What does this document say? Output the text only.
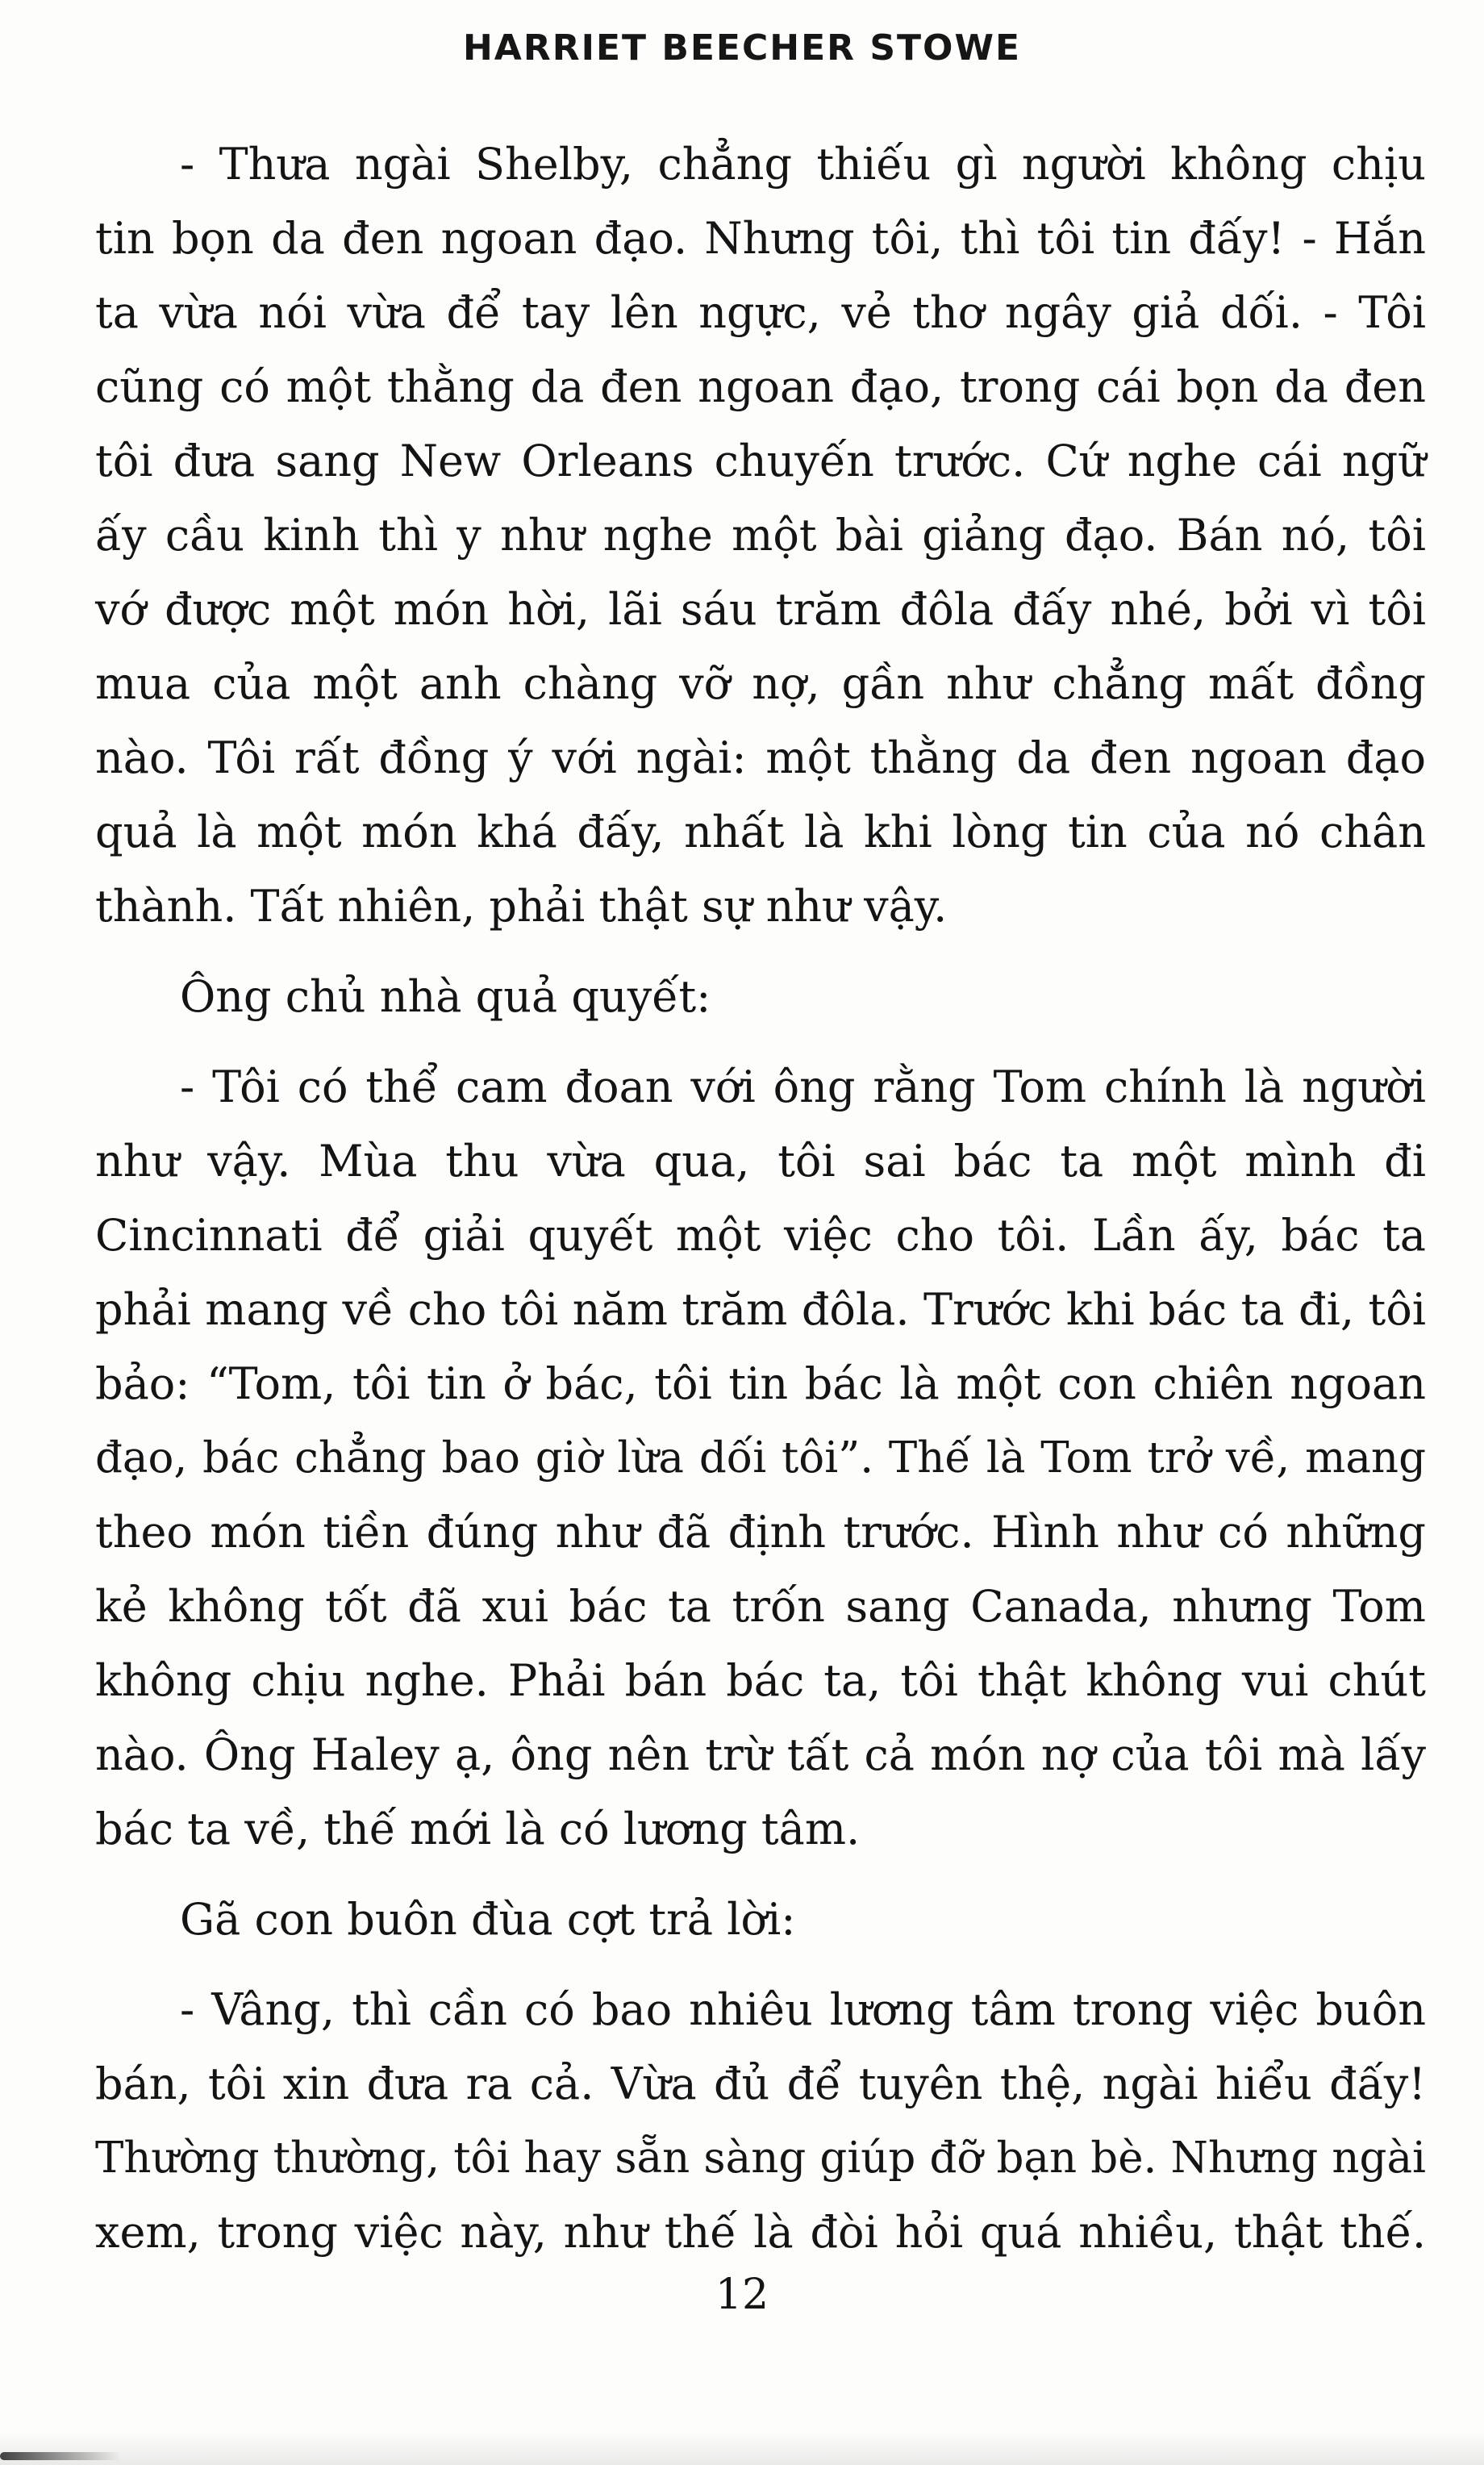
HARRIET BEECHER STOWE
- Thưa ngài Shelby, chẳng thiếu gì người không chịu
tin bọn da đen ngoan đạo. Nhưng tôi, thì tôi tin đấy! - Hắn
ta vừa nói vừa để tay lên ngực, vẻ thơ ngây giả dối. - Tôi
cũng có một thằng da đen ngoan đạo, trong cái bọn da đen
tôi đưa sang New Orleans chuyến trước. Cứ nghe cái ngữ
ấy cầu kinh thì y như nghe một bài giảng đạo. Bán nó, tôi
vớ được một món hời, lãi sáu trăm đôla đấy nhé, bởi vì tôi
mua của một anh chàng vỡ nợ, gần như chẳng mất đồng
nào. Tôi rất đồng ý với ngài: một thằng da đen ngoan đạo
quả là một món khá đấy, nhất là khi lòng tin của nó chân
thành. Tất nhiên, phải thật sự như vậy.
Ông chủ nhà quả quyết:
- Tôi có thể cam đoan với ông rằng Tom chính là người
như vậy. Mùa thu vừa qua, tôi sai bác ta một mình đi
Cincinnati để giải quyết một việc cho tôi. Lần ấy, bác ta
phải mang về cho tôi năm trăm đôla. Trước khi bác ta đi, tôi
bảo: “Tom, tôi tin ở bác, tôi tin bác là một con chiên ngoan
đạo, bác chẳng bao giờ lừa dối tôi”. Thế là Tom trở về, mang
theo món tiền đúng như đã định trước. Hình như có những
kẻ không tốt đã xui bác ta trốn sang Canada, nhưng Tom
không chịu nghe. Phải bán bác ta, tôi thật không vui chút
nào. Ông Haley ạ, ông nên trừ tất cả món nợ của tôi mà lấy
bác ta về, thế mới là có lương tâm.
Gã con buôn đùa cợt trả lời:
- Vâng, thì cần có bao nhiêu lương tâm trong việc buôn
bán, tôi xin đưa ra cả. Vừa đủ để tuyên thệ, ngài hiểu đấy!
Thường thường, tôi hay sẵn sàng giúp đỡ bạn bè. Nhưng ngài
xem, trong việc này, như thế là đòi hỏi quá nhiều, thật thế.
12
